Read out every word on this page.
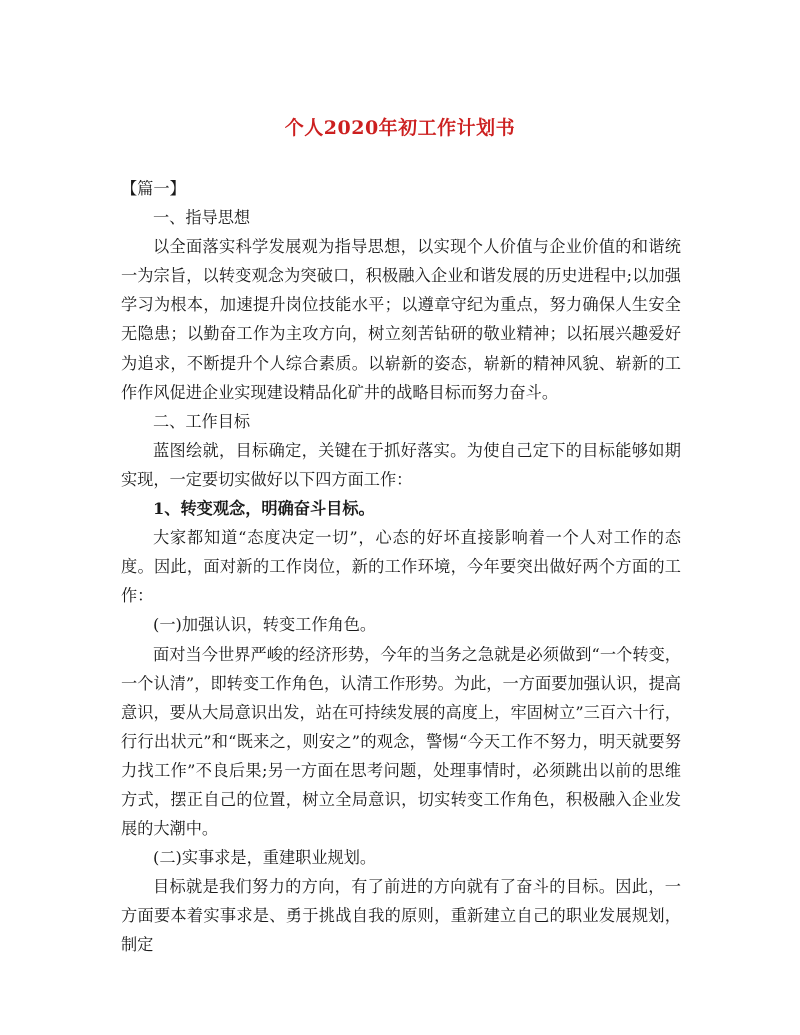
个人2020年初工作计划书

【篇一】

一、指导思想

以全面落实科学发展观为指导思想，以实现个人价值与企业价值的和谐统一为宗旨，以转变观念为突破口，积极融入企业和谐发展的历史进程中;以加强学习为根本，加速提升岗位技能水平；以遵章守纪为重点，努力确保人生安全无隐患；以勤奋工作为主攻方向，树立刻苦钻研的敬业精神；以拓展兴趣爱好为追求，不断提升个人综合素质。以崭新的姿态，崭新的精神风貌、崭新的工作作风促进企业实现建设精品化矿井的战略目标而努力奋斗。

二、工作目标

蓝图绘就，目标确定，关键在于抓好落实。为使自己定下的目标能够如期实现，一定要切实做好以下四方面工作：

1、转变观念，明确奋斗目标。

大家都知道“态度决定一切”，心态的好坏直接影响着一个人对工作的态度。因此，面对新的工作岗位，新的工作环境，今年要突出做好两个方面的工作：

(一)加强认识，转变工作角色。

面对当今世界严峻的经济形势，今年的当务之急就是必须做到“一个转变，一个认清”，即转变工作角色，认清工作形势。为此，一方面要加强认识，提高意识，要从大局意识出发，站在可持续发展的高度上，牢固树立”三百六十行，行行出状元”和“既来之，则安之”的观念，警惕“今天工作不努力，明天就要努力找工作”不良后果;另一方面在思考问题，处理事情时，必须跳出以前的思维方式，摆正自己的位置，树立全局意识，切实转变工作角色，积极融入企业发展的大潮中。

(二)实事求是，重建职业规划。

目标就是我们努力的方向，有了前进的方向就有了奋斗的目标。因此，一方面要本着实事求是、勇于挑战自我的原则，重新建立自己的职业发展规划，制定
